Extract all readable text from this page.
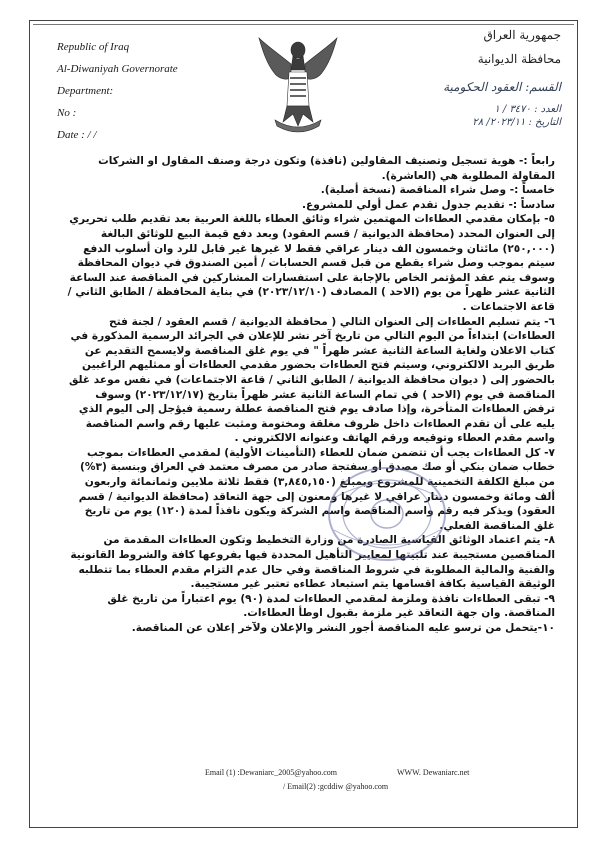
Republic of Iraq
Al-Diwaniyah Governorate
Department:
No :
Date : / /
جمهورية العراق
محافظة الديوانية
القسم: العقود الحكومية
العدد : ٣٤٧٠ / ١
التاريخ : ٢٠٢٣/١١/ ٢٨

رابعاً :- هوية تسجيل وتصنيف المقاولين (نافذة) وتكون درجة وصنف المقاول او الشركات المقاولة المطلوبة هي (العاشرة).

خامساً :- وصل شراء المناقصة (نسخة أصلية).

سادساً :- تقديم جدول تقدم عمل أولي للمشروع.

٥- بإمكان مقدمي العطاءات المهتمين شراء وثائق العطاء باللغة العربية بعد تقديم طلب تحريري إلى العنوان المحدد (محافظة الديوانية / قسم العقود) وبعد دفع قيمة البيع للوثائق البالغة (٢٥٠,٠٠٠) مائتان وخمسون الف دينار عراقي فقط لا غيرها غير قابل للرد وان أسلوب الدفع سيتم بموجب وصل شراء يقطع من قبل قسم الحسابات / أمين الصندوق في ديوان المحافظة وسوف يتم عقد المؤتمر الخاص بالإجابة على استفسارات المشاركين في المناقصة عند الساعة الثانية عشر ظهراً من يوم (الاحد ) المصادف (٢٠٢٣/١٢/١٠) في بناية المحافظة / الطابق الثاني / قاعة الاجتماعات .

٦- يتم تسليم العطاءات إلى العنوان التالي ( محافظة الديوانية / قسم العقود / لجنة فتح العطاءات) ابتداءاً من اليوم التالي من تاريخ آخر نشر للإعلان في الجرائد الرسمية المذكورة في كتاب الاعلان ولغاية الساعة الثانية عشر ظهراً " في يوم غلق المناقصة ولايسمح التقديم عن طريق البريد الالكتروني، وسيتم فتح العطاءات بحضور مقدمي العطاءات أو ممثليهم الراغبين بالحضور إلى ( ديوان محافظة الديوانية / الطابق الثاني / قاعة الاجتماعات) في نفس موعد غلق المناقصة في يوم (الاحد ) في تمام الساعة الثانية عشر ظهراً بتاريخ (٢٠٢٣/١٢/١٧) وسوف ترفض العطاءات المتأخرة، وإذا صادف يوم فتح المناقصة عطلة رسمية فيؤجل إلى اليوم الذي يليه على أن تقدم العطاءات داخل ظروف مغلقة ومختومة ومثبت عليها رقم واسم المناقصة واسم مقدم العطاء وتوقيعه ورقم الهاتف وعنوانه الالكتروني .

٧- كل العطاءات يجب أن تتضمن ضمان للعطاء (التأمينات الأولية) لمقدمي العطاءات بموجب خطاب ضمان بنكي أو صك مصدق أو سفتجة صادر من مصرف معتمد في العراق وبنسبة (٣%) من مبلغ الكلفة التخمينية للمشروع وبمبلغ (٣,٨٤٥,١٥٠) فقط ثلاثة ملايين وثمانمائة واربعون ألف ومائة وخمسون دينار عراقي لا غيرها ومعنون إلى جهة التعاقد (محافظة الديوانية / قسم العقود) ويذكر فيه رقم واسم المناقصة واسم الشركة ويكون نافذاً لمدة (١٢٠) يوم من تاريخ غلق المناقصة الفعلي.

٨- يتم اعتماد الوثائق القياسية الصادرة من وزارة التخطيط وتكون العطاءات المقدمة من المناقصين مستجيبة عند تلبيتها لمعايير التأهيل المحددة فيها بفروعها كافة والشروط القانونية والفنية والمالية المطلوبة في شروط المناقصة وفي حال عدم التزام مقدم العطاء بما تتطلبه الوثيقة القياسية بكافة اقسامها يتم استبعاد عطاءه تعتبر غير مستجيبة.

٩- تبقى العطاءات نافذة وملزمة لمقدمي العطاءات لمدة (٩٠) يوم اعتباراً من تاريخ غلق المناقصة. وان جهة التعاقد غير ملزمة بقبول اوطأ العطاءات.

١٠-يتحمل من ترسو عليه المناقصة أجور النشر والإعلان ولآخر إعلان عن المناقصة.

Email (1) :Dewaniarc_2005@yahoo.com	WWW. Dewaniarc.net
/ Email(2) :gcddiw @yahoo.com
